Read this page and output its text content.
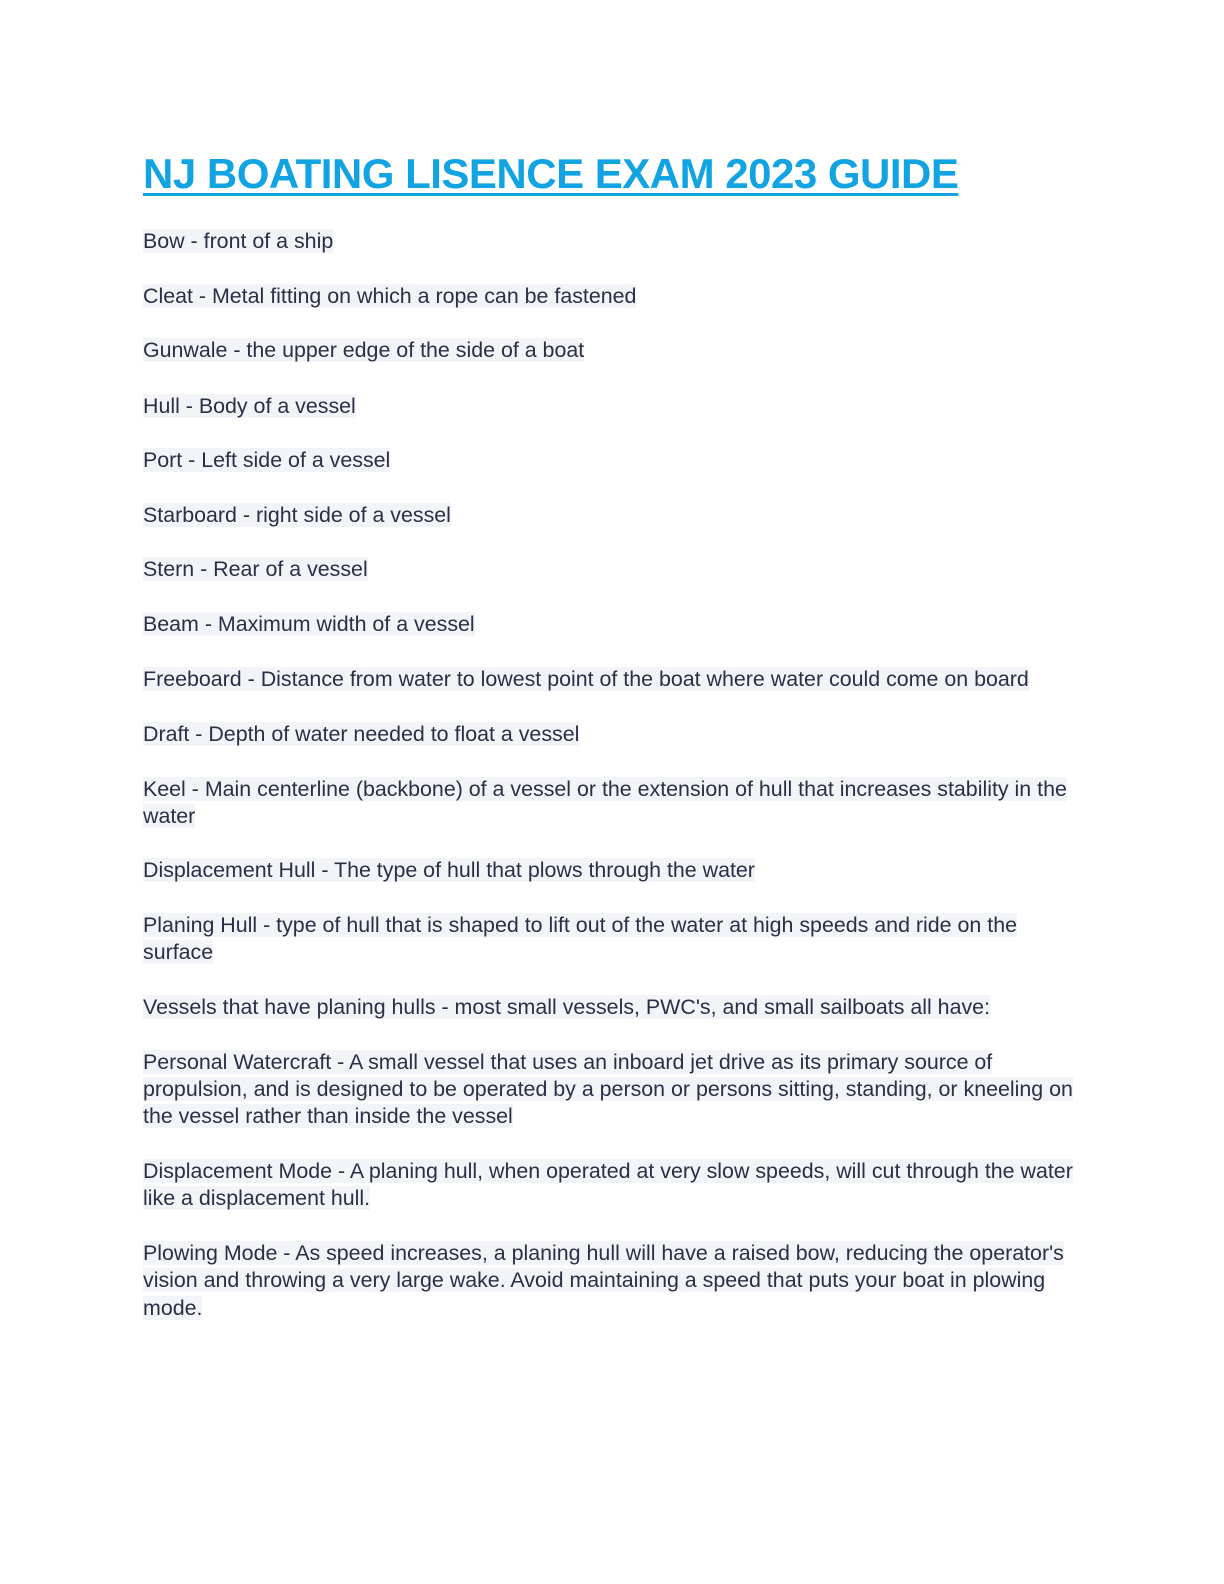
NJ BOATING LISENCE EXAM 2023 GUIDE
Bow - front of a ship
Cleat - Metal fitting on which a rope can be fastened
Gunwale - the upper edge of the side of a boat
Hull - Body of a vessel
Port - Left side of a vessel
Starboard - right side of a vessel
Stern - Rear of a vessel
Beam - Maximum width of a vessel
Freeboard - Distance from water to lowest point of the boat where water could come on board
Draft - Depth of water needed to float a vessel
Keel - Main centerline (backbone) of a vessel or the extension of hull that increases stability in the water
Displacement Hull - The type of hull that plows through the water
Planing Hull - type of hull that is shaped to lift out of the water at high speeds and ride on the surface
Vessels that have planing hulls - most small vessels, PWC's, and small sailboats all have:
Personal Watercraft - A small vessel that uses an inboard jet drive as its primary source of propulsion, and is designed to be operated by a person or persons sitting, standing, or kneeling on the vessel rather than inside the vessel
Displacement Mode - A planing hull, when operated at very slow speeds, will cut through the water like a displacement hull.
Plowing Mode - As speed increases, a planing hull will have a raised bow, reducing the operator's vision and throwing a very large wake. Avoid maintaining a speed that puts your boat in plowing mode.
